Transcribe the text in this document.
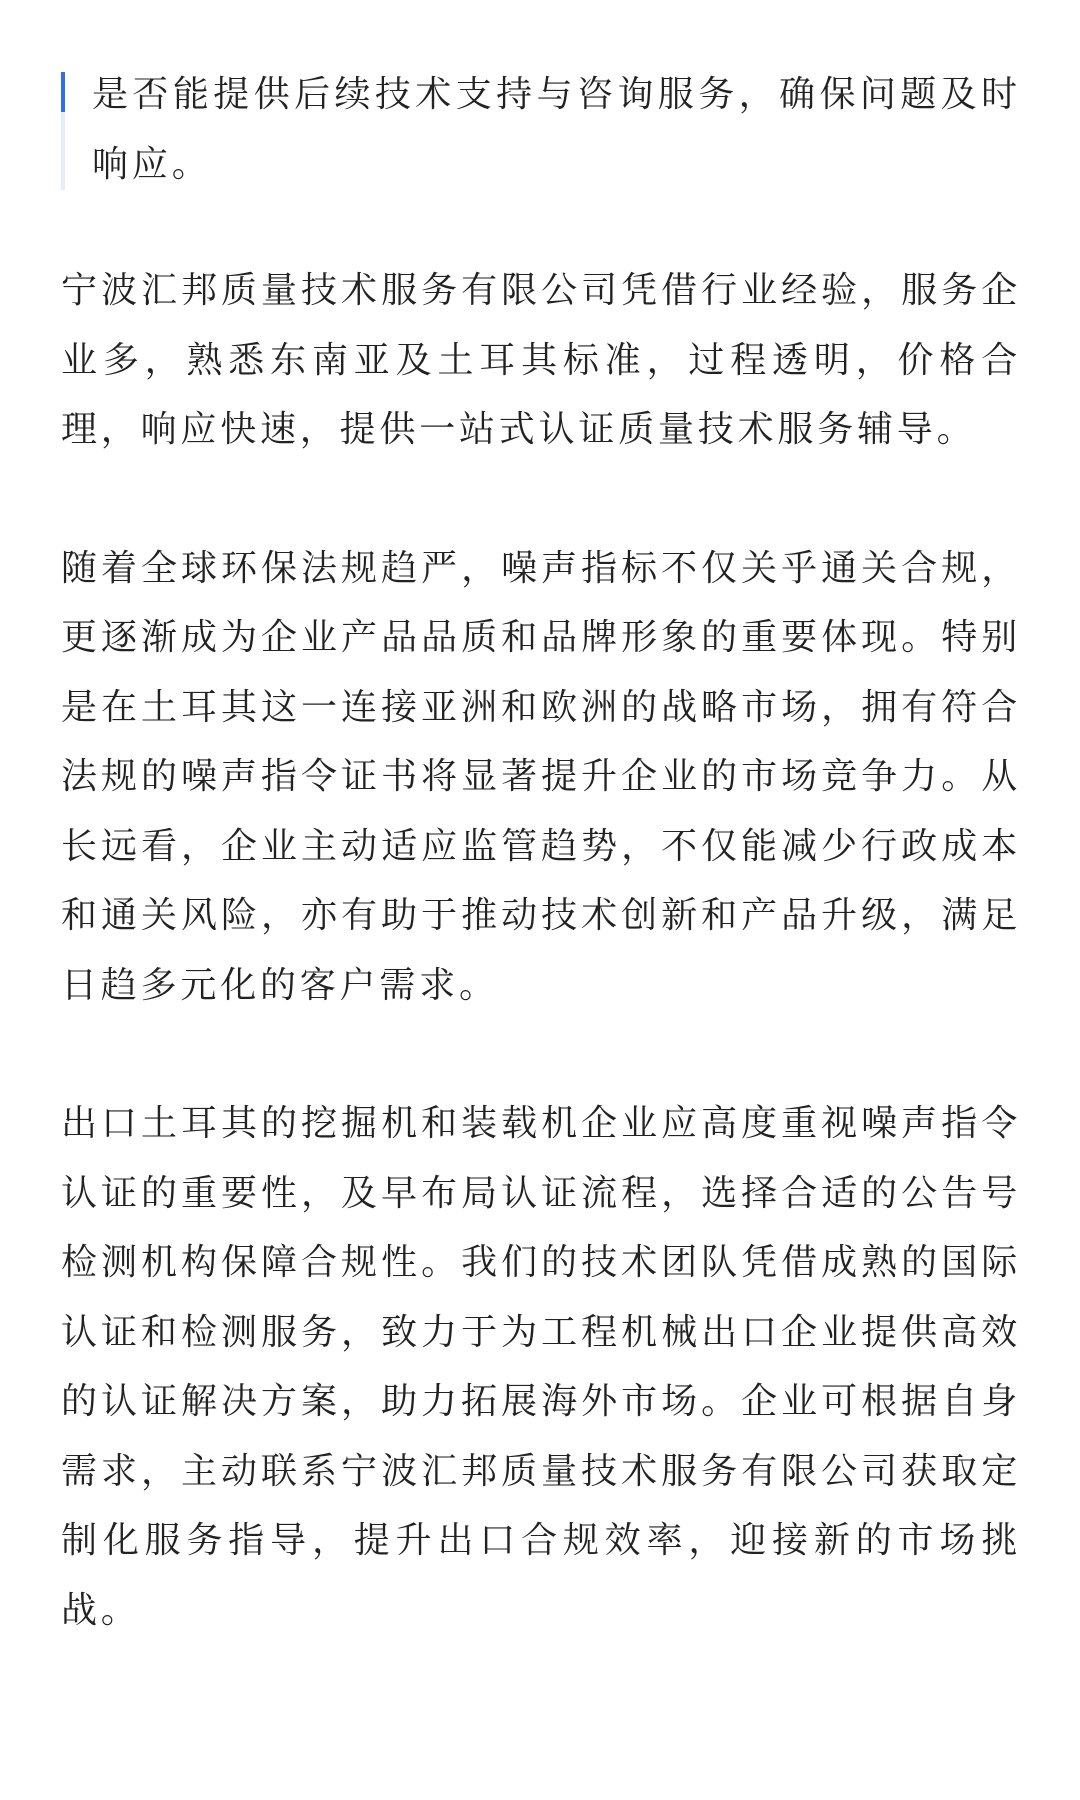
是否能提供后续技术支持与咨询服务，确保问题及时响应。

宁波汇邦质量技术服务有限公司凭借行业经验，服务企业多，熟悉东南亚及土耳其标准，过程透明，价格合理，响应快速，提供一站式认证质量技术服务辅导。

随着全球环保法规趋严，噪声指标不仅关乎通关合规，更逐渐成为企业产品品质和品牌形象的重要体现。特别是在土耳其这一连接亚洲和欧洲的战略市场，拥有符合法规的噪声指令证书将显著提升企业的市场竞争力。从长远看，企业主动适应监管趋势，不仅能减少行政成本和通关风险，亦有助于推动技术创新和产品升级，满足日趋多元化的客户需求。

出口土耳其的挖掘机和装载机企业应高度重视噪声指令认证的重要性，及早布局认证流程，选择合适的公告号检测机构保障合规性。我们的技术团队凭借成熟的国际认证和检测服务，致力于为工程机械出口企业提供高效的认证解决方案，助力拓展海外市场。企业可根据自身需求，主动联系宁波汇邦质量技术服务有限公司获取定制化服务指导，提升出口合规效率，迎接新的市场挑战。
